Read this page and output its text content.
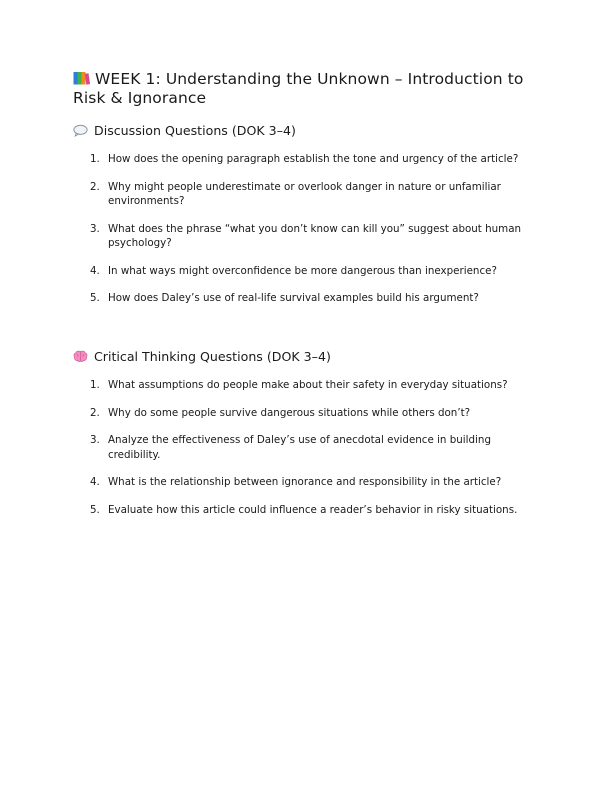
WEEK 1: Understanding the Unknown – Introduction to Risk & Ignorance
Discussion Questions (DOK 3–4)
1. How does the opening paragraph establish the tone and urgency of the article?
2. Why might people underestimate or overlook danger in nature or unfamiliar environments?
3. What does the phrase “what you don’t know can kill you” suggest about human psychology?
4. In what ways might overconfidence be more dangerous than inexperience?
5. How does Daley’s use of real-life survival examples build his argument?
Critical Thinking Questions (DOK 3–4)
1. What assumptions do people make about their safety in everyday situations?
2. Why do some people survive dangerous situations while others don’t?
3. Analyze the effectiveness of Daley’s use of anecdotal evidence in building credibility.
4. What is the relationship between ignorance and responsibility in the article?
5. Evaluate how this article could influence a reader’s behavior in risky situations.
